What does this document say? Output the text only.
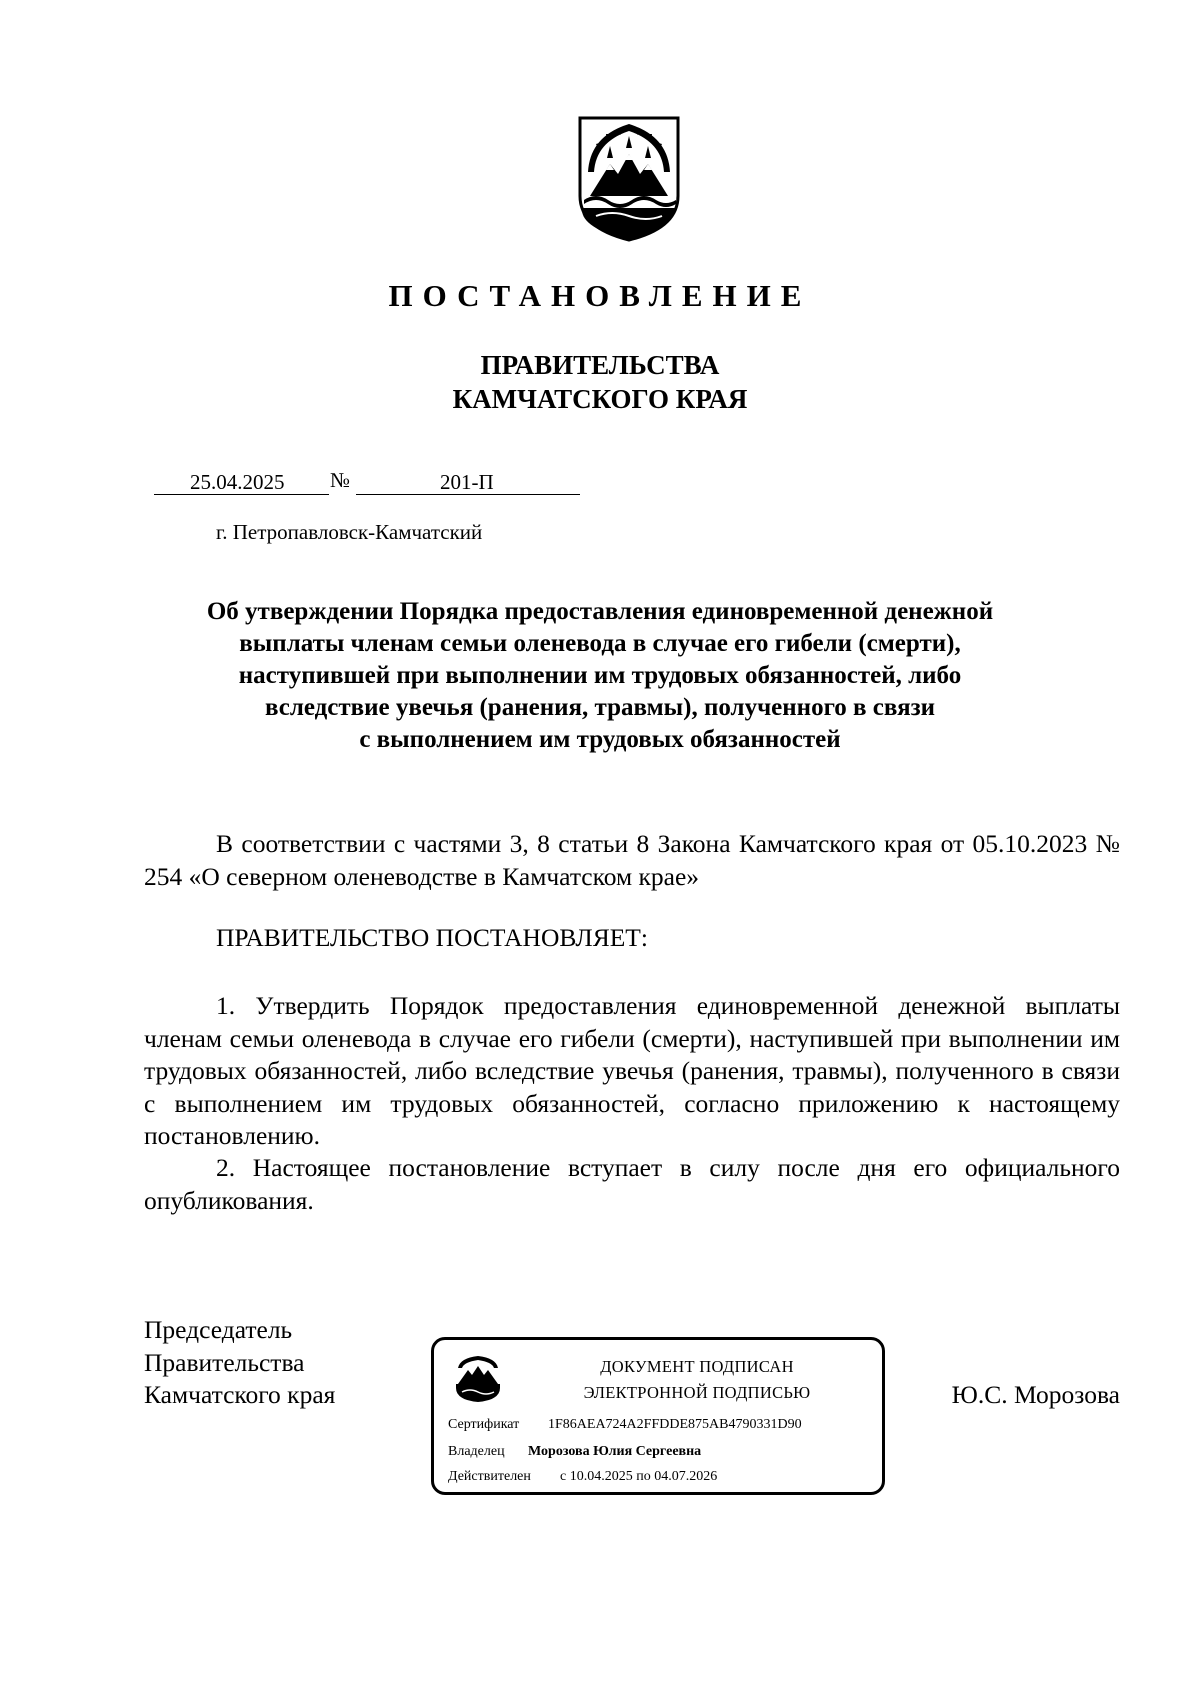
ПОСТАНОВЛЕНИЕ
ПРАВИТЕЛЬСТВА
КАМЧАТСКОГО КРАЯ
25.04.2025 №	201-П
г. Петропавловск-Камчатский
Об утверждении Порядка предоставления единовременной денежной
выплаты членам семьи оленевода в случае его гибели (смерти),
наступившей при выполнении им трудовых обязанностей, либо
вследствие увечья (ранения, травмы), полученного в связи
с выполнением им трудовых обязанностей
В соответствии с частями 3, 8 статьи 8 Закона Камчатского края от 05.10.2023 № 254 «О северном оленеводстве в Камчатском крае»
ПРАВИТЕЛЬСТВО ПОСТАНОВЛЯЕТ:
1. Утвердить Порядок предоставления единовременной денежной выплаты членам семьи оленевода в случае его гибели (смерти), наступившей при выполнении им трудовых обязанностей, либо вследствие увечья (ранения, травмы), полученного в связи с выполнением им трудовых обязанностей, согласно приложению к настоящему постановлению.
2. Настоящее постановление вступает в силу после дня его официального опубликования.
Председатель
Правительства
Камчатского края
ДОКУМЕНТ ПОДПИСАН
ЭЛЕКТРОННОЙ ПОДПИСЬЮ
Сертификат 1F86AEA724A2FFDDE875AB4790331D90
Владелец Морозова Юлия Сергеевна
Действителен с 10.04.2025 по 04.07.2026
Ю.С. Морозова
